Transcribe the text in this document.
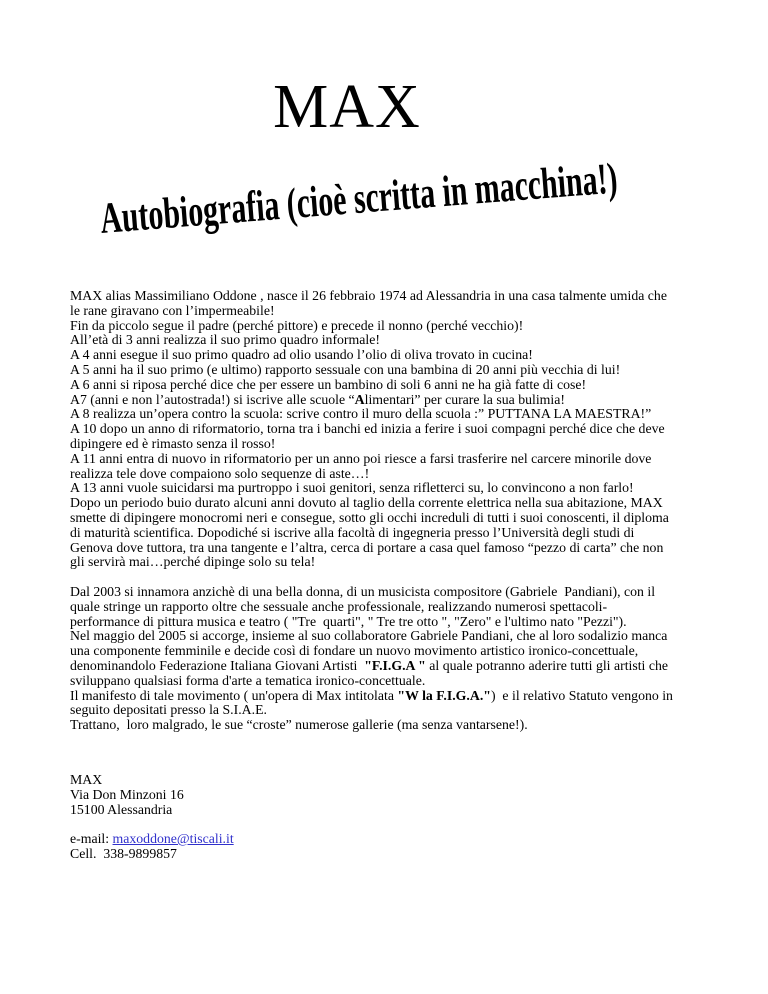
MAX
Autobiografia (cioè scritta in macchina!)
MAX alias Massimiliano Oddone , nasce il 26 febbraio 1974 ad Alessandria in una casa talmente umida che
le rane giravano con l’impermeabile!
Fin da piccolo segue il padre (perché pittore) e precede il nonno (perché vecchio)!
All’età di 3 anni realizza il suo primo quadro informale!
A 4 anni esegue il suo primo quadro ad olio usando l’olio di oliva trovato in cucina!
A 5 anni ha il suo primo (e ultimo) rapporto sessuale con una bambina di 20 anni più vecchia di lui!
A 6 anni si riposa perché dice che per essere un bambino di soli 6 anni ne ha già fatte di cose!
A7 (anni e non l’autostrada!) si iscrive alle scuole “Alimentari” per curare la sua bulimia!
A 8 realizza un’opera contro la scuola: scrive contro il muro della scuola :” PUTTANA LA MAESTRA!”
A 10 dopo un anno di riformatorio, torna tra i banchi ed inizia a ferire i suoi compagni perché dice che deve
dipingere ed è rimasto senza il rosso!
A 11 anni entra di nuovo in riformatorio per un anno poi riesce a farsi trasferire nel carcere minorile dove
realizza tele dove compaiono solo sequenze di aste…!
A 13 anni vuole suicidarsi ma purtroppo i suoi genitori, senza rifletterci su, lo convincono a non farlo!
Dopo un periodo buio durato alcuni anni dovuto al taglio della corrente elettrica nella sua abitazione, MAX
smette di dipingere monocromi neri e consegue, sotto gli occhi increduli di tutti i suoi conoscenti, il diploma
di maturità scientifica. Dopodiché si iscrive alla facoltà di ingegneria presso l’Università degli studi di
Genova dove tuttora, tra una tangente e l’altra, cerca di portare a casa quel famoso “pezzo di carta” che non
gli servirà mai…perché dipinge solo su tela!
Dal 2003 si innamora anzichè di una bella donna, di un musicista compositore (Gabriele  Pandiani), con il
quale stringe un rapporto oltre che sessuale anche professionale, realizzando numerosi spettacoli-
performance di pittura musica e teatro ( "Tre  quarti", " Tre tre otto ", "Zero" e l'ultimo nato "Pezzi").
Nel maggio del 2005 si accorge, insieme al suo collaboratore Gabriele Pandiani, che al loro sodalizio manca
una componente femminile e decide così di fondare un nuovo movimento artistico ironico-concettuale,
denominandolo Federazione Italiana Giovani Artisti  "F.I.G.A " al quale potranno aderire tutti gli artisti che
sviluppano qualsiasi forma d'arte a tematica ironico-concettuale.
Il manifesto di tale movimento ( un'opera di Max intitolata "W la F.I.G.A.")  e il relativo Statuto vengono in
seguito depositati presso la S.I.A.E.
Trattano,  loro malgrado, le sue “croste” numerose gallerie (ma senza vantarsene!).
MAX
Via Don Minzoni 16
15100 Alessandria
e-mail: maxoddone@tiscali.it
Cell.  338-9899857
